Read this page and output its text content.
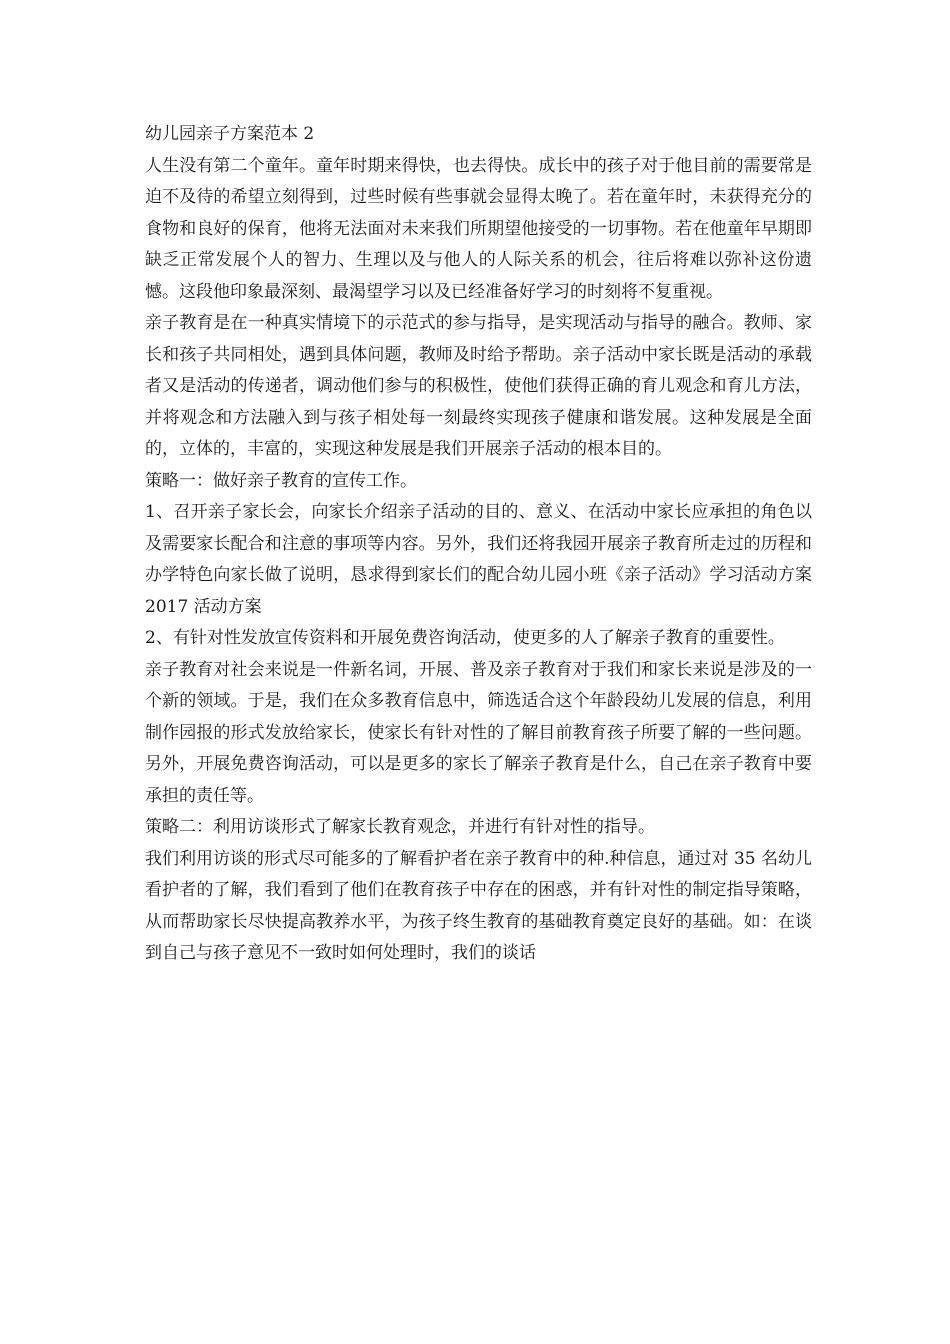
幼儿园亲子方案范本 2

人生没有第二个童年。童年时期来得快，也去得快。成长中的孩子对于他目前的需要常是迫不及待的希望立刻得到，过些时候有些事就会显得太晚了。若在童年时，未获得充分的食物和良好的保育，他将无法面对未来我们所期望他接受的一切事物。若在他童年早期即缺乏正常发展个人的智力、生理以及与他人的人际关系的机会，往后将难以弥补这份遗憾。这段他印象最深刻、最渴望学习以及已经准备好学习的时刻将不复重视。

亲子教育是在一种真实情境下的示范式的参与指导，是实现活动与指导的融合。教师、家长和孩子共同相处，遇到具体问题，教师及时给予帮助。亲子活动中家长既是活动的承载者又是活动的传递者，调动他们参与的积极性，使他们获得正确的育儿观念和育儿方法，并将观念和方法融入到与孩子相处每一刻最终实现孩子健康和谐发展。这种发展是全面的，立体的，丰富的，实现这种发展是我们开展亲子活动的根本目的。

策略一：做好亲子教育的宣传工作。

1、召开亲子家长会，向家长介绍亲子活动的目的、意义、在活动中家长应承担的角色以及需要家长配合和注意的事项等内容。另外，我们还将我园开展亲子教育所走过的历程和办学特色向家长做了说明，恳求得到家长们的配合幼儿园小班《亲子活动》学习活动方案 2017 活动方案

2、有针对性发放宣传资料和开展免费咨询活动，使更多的人了解亲子教育的重要性。

亲子教育对社会来说是一件新名词，开展、普及亲子教育对于我们和家长来说是涉及的一个新的领域。于是，我们在众多教育信息中，筛选适合这个年龄段幼儿发展的信息，利用制作园报的形式发放给家长，使家长有针对性的了解目前教育孩子所要了解的一些问题。另外，开展免费咨询活动，可以是更多的家长了解亲子教育是什么，自己在亲子教育中要承担的责任等。

策略二：利用访谈形式了解家长教育观念，并进行有针对性的指导。

我们利用访谈的形式尽可能多的了解看护者在亲子教育中的种.种信息，通过对 35 名幼儿看护者的了解，我们看到了他们在教育孩子中存在的困惑，并有针对性的制定指导策略，从而帮助家长尽快提高教养水平，为孩子终生教育的基础教育奠定良好的基础。如：在谈到自己与孩子意见不一致时如何处理时，我们的谈话
